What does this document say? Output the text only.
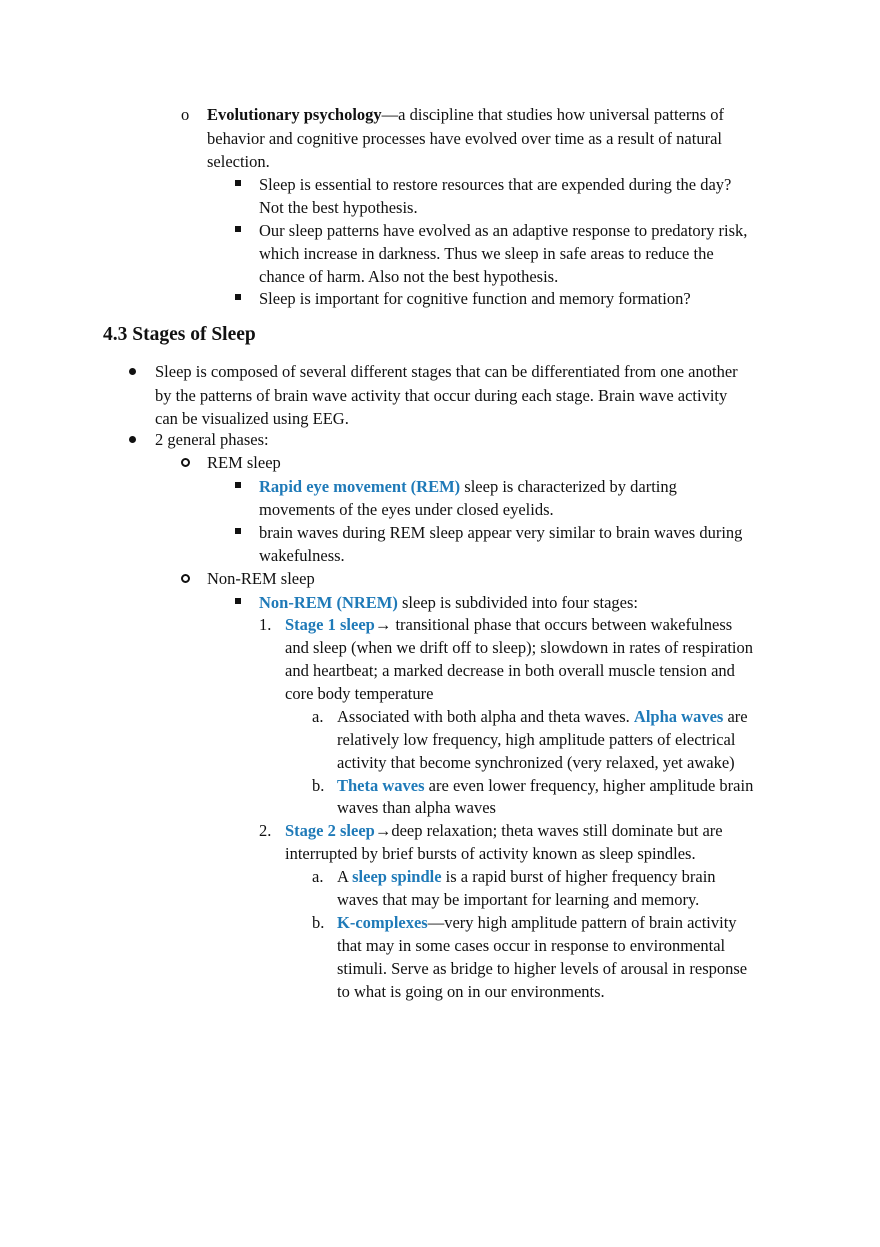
o Evolutionary psychology—a discipline that studies how universal patterns of
behavior and cognitive processes have evolved over time as a result of natural
selection.
Sleep is essential to restore resources that are expended during the day?
Not the best hypothesis.
Our sleep patterns have evolved as an adaptive response to predatory risk,
which increase in darkness. Thus we sleep in safe areas to reduce the
chance of harm. Also not the best hypothesis.
Sleep is important for cognitive function and memory formation?
4.3 Stages of Sleep
Sleep is composed of several different stages that can be differentiated from one another
by the patterns of brain wave activity that occur during each stage. Brain wave activity
can be visualized using EEG.
2 general phases:
REM sleep
Rapid eye movement (REM) sleep is characterized by darting
movements of the eyes under closed eyelids.
brain waves during REM sleep appear very similar to brain waves during
wakefulness.
Non-REM sleep
Non-REM (NREM) sleep is subdivided into four stages:
1. Stage 1 sleep→ transitional phase that occurs between wakefulness
and sleep (when we drift off to sleep); slowdown in rates of respiration
and heartbeat; a marked decrease in both overall muscle tension and
core body temperature
a. Associated with both alpha and theta waves. Alpha waves are
relatively low frequency, high amplitude patters of electrical
activity that become synchronized (very relaxed, yet awake)
b. Theta waves are even lower frequency, higher amplitude brain
waves than alpha waves
2. Stage 2 sleep→deep relaxation; theta waves still dominate but are
interrupted by brief bursts of activity known as sleep spindles.
a. A sleep spindle is a rapid burst of higher frequency brain
waves that may be important for learning and memory.
b. K-complexes—very high amplitude pattern of brain activity
that may in some cases occur in response to environmental
stimuli. Serve as bridge to higher levels of arousal in response
to what is going on in our environments.
